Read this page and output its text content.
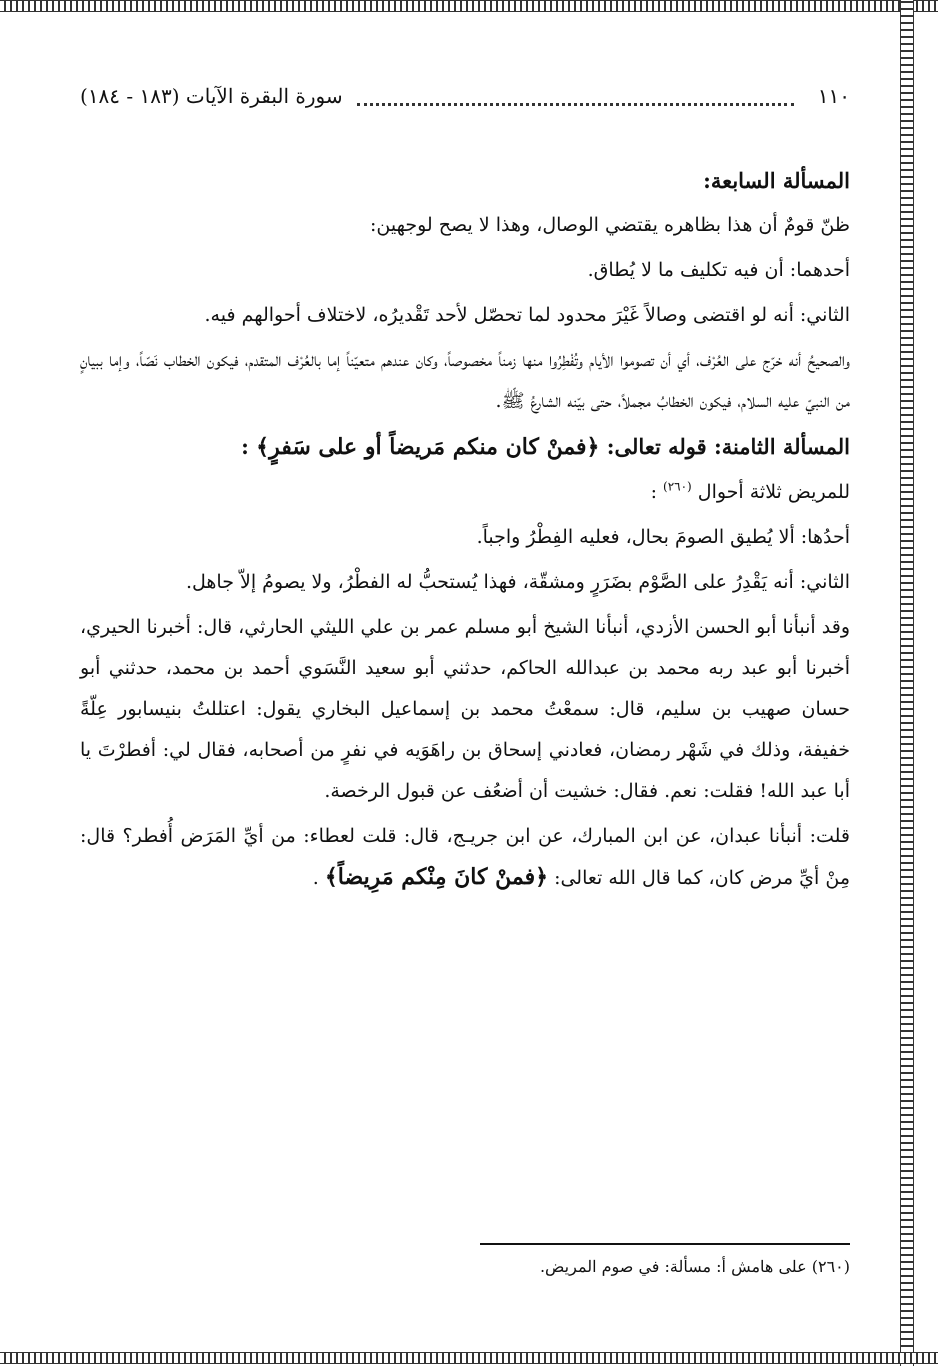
١١٠
سورة البقرة الآيات (١٨٣ - ١٨٤)

المسألة السابعة:

ظنّ قومٌ أن هذا بظاهره يقتضي الوصال، وهذا لا يصح لوجهين:

أحدهما: أن فيه تكليف ما لا يُطاق.

الثاني: أنه لو اقتضى وصالاً غَيْرَ محدود لما تحصّل لأحد تَقْديرُه، لاختلاف أحوالهم فيه.

والصحيحُ أنه خرّج على العُرْف، أي أن تصوموا الأيام وتُفْطِرُوا منها زمناً مخصوصاً، وكان عندهم متعيّناً إما بالعُرْف المتقدم، فيكون الخطاب نَصّاً، وإما ببيانٍ من النبيّ عليه السلام، فيكون الخطابُ مجملاً، حتى بيّنه الشارعُ ﷺ.

المسألة الثامنة: قوله تعالى: ﴿فمنْ كان منكم مَريضاً أو على سَفرٍ﴾ :

للمريض ثلاثة أحوال $^{(٢٦٠)}$ :

أحدُها: ألا يُطيق الصومَ بحال، فعليه الفِطْرُ واجباً.

الثاني: أنه يَقْدِرُ على الصَّوْم بضَرَرٍ ومشقّة، فهذا يُستحبُّ له الفطْرُ، ولا يصومُ إلاّ جاهل.

وقد أنبأنا أبو الحسن الأزدي، أنبأنا الشيخ أبو مسلم عمر بن علي الليثي الحارثي، قال: أخبرنا الحيري، أخبرنا أبو عبد ربه محمد بن عبدالله الحاكم، حدثني أبو سعيد النَّسَوي أحمد بن محمد، حدثني أبو حسان صهيب بن سليم، قال: سمعْتُ محمد بن إسماعيل البخاري يقول: اعتللتُ بنيسابور عِلّةً خفيفة، وذلك في شَهْر رمضان، فعادني إسحاق بن راهَوَيه في نفرٍ من أصحابه، فقال لي: أفطرْتَ يا أبا عبد الله! فقلت: نعم. فقال: خشيت أن أضعُف عن قبول الرخصة.

قلت: أنبأنا عبدان، عن ابن المبارك، عن ابن جريـج، قال: قلت لعطاء: من أيِّ المَرَض أُفطر؟ قال: مِنْ أيِّ مرض كان، كما قال الله تعالى: ﴿فمنْ كانَ مِنْكم مَرِيضاً﴾ .

(٢٦٠) على هامش أ: مسألة: في صوم المريض.
